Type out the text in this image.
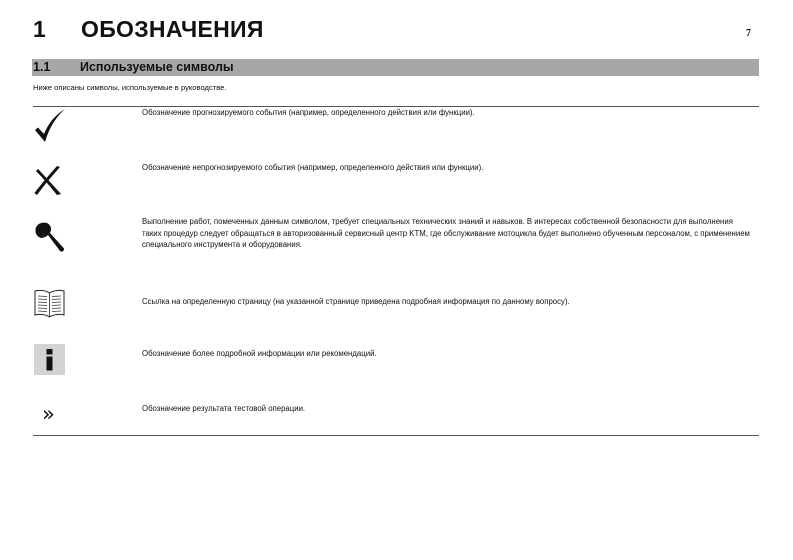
1 ОБОЗНАЧЕНИЯ	7
1.1 Используемые символы
Ниже описаны символы, используемые в руководстве.
Обозначение прогнозируемого события (например, определенного действия или функции).
Обозначение непрогнозируемого события (например, определенного действия или функции).
Выполнение работ, помеченных данным символом, требует специальных технических знаний и навыков. В интересах собственной безопасности для выполнения таких процедур следует обращаться в авторизованный сервисный центр KTM, где обслуживание мотоцикла будет выполнено обученным персоналом, с применением специального инструмента и оборудования.
Ссылка на определенную страницу (на указанной странице приведена подробная информация по данному вопросу).
Обозначение более подробной информации или рекомендаций.
»	Обозначение результата тестовой операции.
